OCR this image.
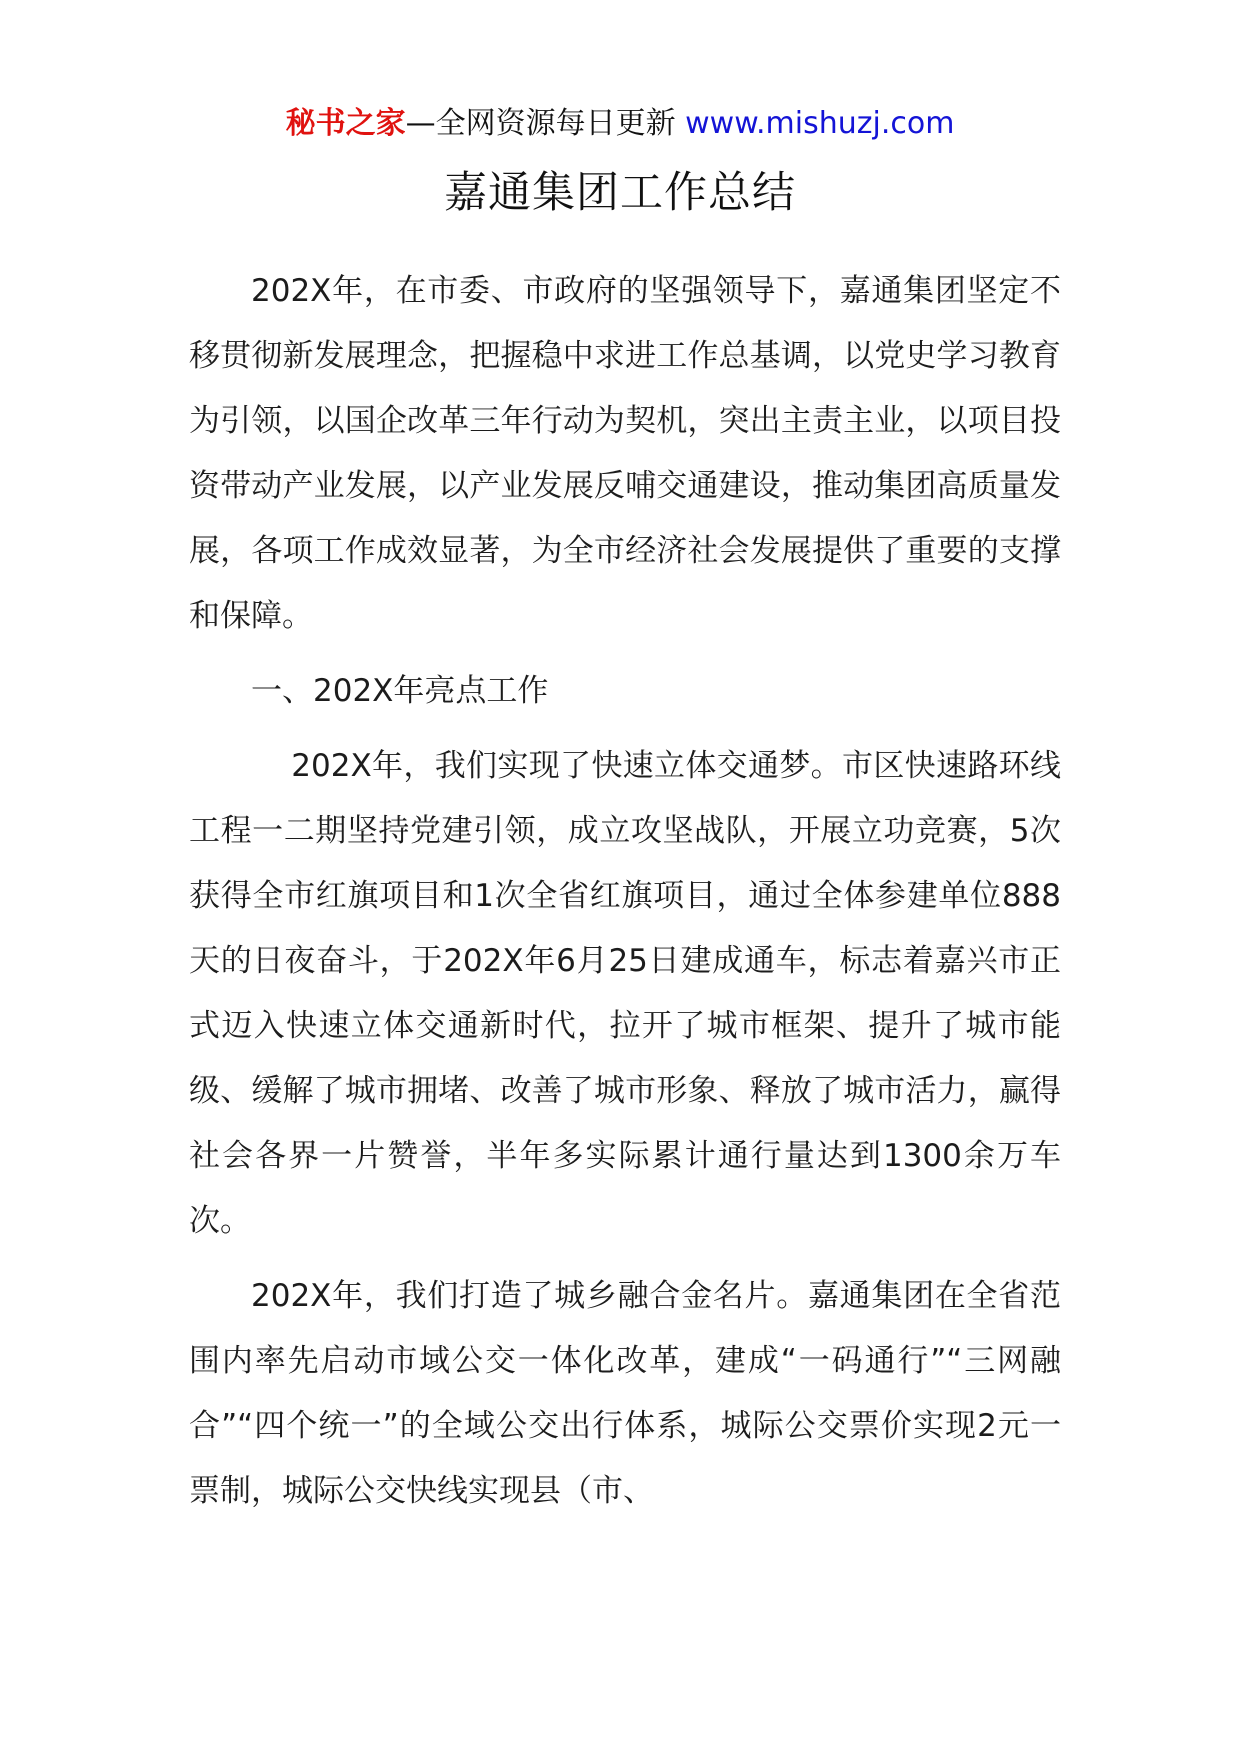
秘书之家—全网资源每日更新 www.mishuzj.com
嘉通集团工作总结

202X年，在市委、市政府的坚强领导下，嘉通集团坚定不移贯彻新发展理念，把握稳中求进工作总基调，以党史学习教育为引领，以国企改革三年行动为契机，突出主责主业，以项目投资带动产业发展，以产业发展反哺交通建设，推动集团高质量发展，各项工作成效显著，为全市经济社会发展提供了重要的支撑和保障。

一、202X年亮点工作

202X年，我们实现了快速立体交通梦。市区快速路环线工程一二期坚持党建引领，成立攻坚战队，开展立功竞赛，5次获得全市红旗项目和1次全省红旗项目，通过全体参建单位888天的日夜奋斗，于202X年6月25日建成通车，标志着嘉兴市正式迈入快速立体交通新时代，拉开了城市框架、提升了城市能级、缓解了城市拥堵、改善了城市形象、释放了城市活力，赢得社会各界一片赞誉，半年多实际累计通行量达到1300余万车次。

202X年，我们打造了城乡融合金名片。嘉通集团在全省范围内率先启动市域公交一体化改革，建成“一码通行”“三网融合”“四个统一”的全域公交出行体系，城际公交票价实现2元一票制，城际公交快线实现县（市、
